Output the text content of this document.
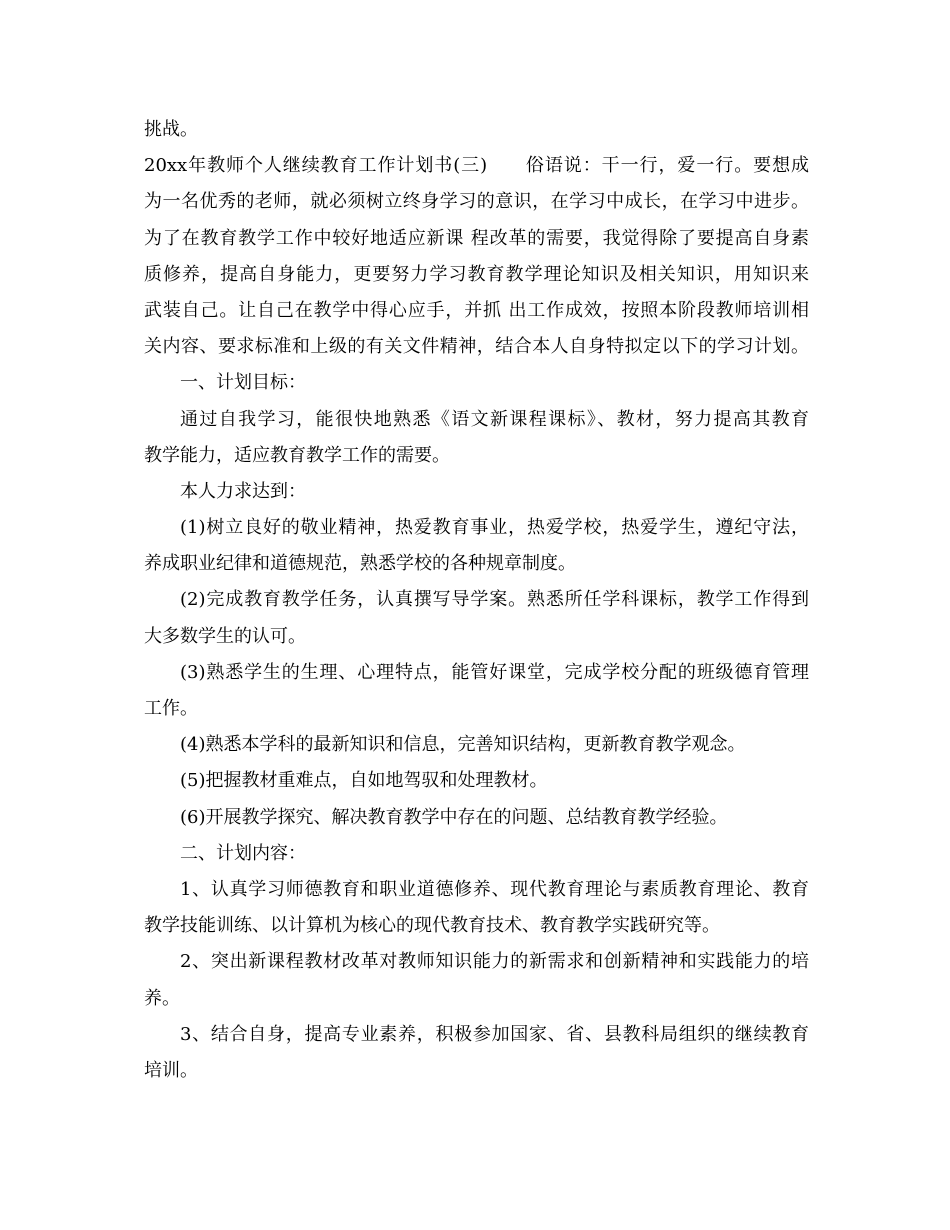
挑战。
20xx年教师个人继续教育工作计划书(三)　　俗语说：干一行，爱一行。要想成
为一名优秀的老师，就必须树立终身学习的意识，在学习中成长，在学习中进步。
为了在教育教学工作中较好地适应新课 程改革的需要，我觉得除了要提高自身素
质修养，提高自身能力，更要努力学习教育教学理论知识及相关知识，用知识来
武装自己。让自己在教学中得心应手，并抓 出工作成效，按照本阶段教师培训相
关内容、要求标准和上级的有关文件精神，结合本人自身特拟定以下的学习计划。
一、计划目标：
通过自我学习，能很快地熟悉《语文新课程课标》、教材，努力提高其教育
教学能力，适应教育教学工作的需要。
本人力求达到：
(1)树立良好的敬业精神，热爱教育事业，热爱学校，热爱学生，遵纪守法，
养成职业纪律和道德规范，熟悉学校的各种规章制度。
(2)完成教育教学任务，认真撰写导学案。熟悉所任学科课标，教学工作得到
大多数学生的认可。
(3)熟悉学生的生理、心理特点，能管好课堂，完成学校分配的班级德育管理
工作。
(4)熟悉本学科的最新知识和信息，完善知识结构，更新教育教学观念。
(5)把握教材重难点，自如地驾驭和处理教材。
(6)开展教学探究、解决教育教学中存在的问题、总结教育教学经验。
二、计划内容：
1、认真学习师德教育和职业道德修养、现代教育理论与素质教育理论、教育
教学技能训练、以计算机为核心的现代教育技术、教育教学实践研究等。
2、突出新课程教材改革对教师知识能力的新需求和创新精神和实践能力的培
养。
3、结合自身，提高专业素养，积极参加国家、省、县教科局组织的继续教育
培训。
